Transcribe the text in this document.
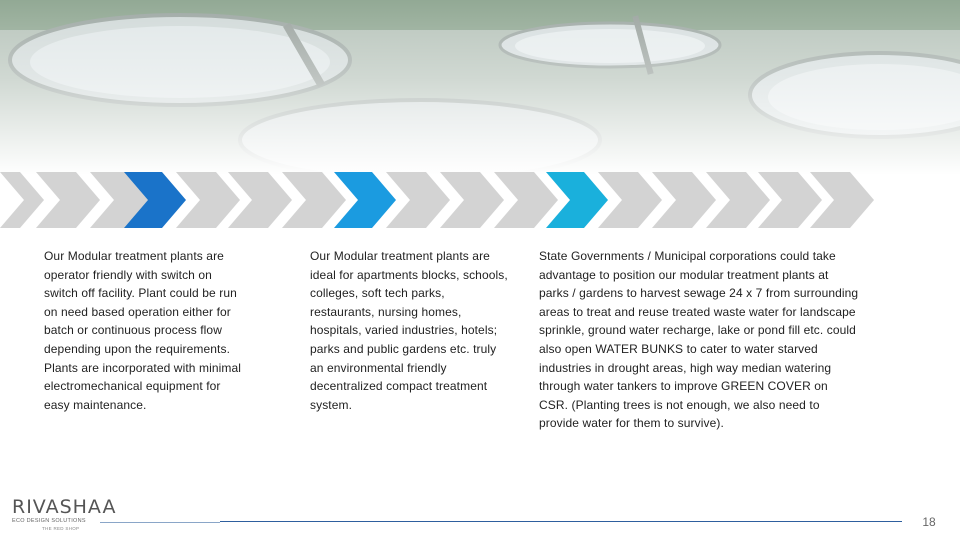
Our Modular treatment plants are operator friendly with switch on switch off facility. Plant could be run on need based operation either for batch or continuous process flow depending upon the requirements. Plants are incorporated with minimal electromechanical equipment for easy maintenance.
Our Modular treatment plants are ideal for apartments blocks, schools, colleges, soft tech parks, restaurants, nursing homes, hospitals, varied industries, hotels; parks and public gardens etc. truly an environmental friendly decentralized compact treatment system.
State Governments / Municipal corporations could take advantage to position our modular treatment plants at parks / gardens to harvest sewage 24 x 7 from surrounding areas to treat and reuse treated waste water for landscape sprinkle, ground water recharge, lake or pond fill etc. could also open WATER BUNKS to cater to water starved industries in drought areas, high way median watering through water tankers to improve GREEN COVER on CSR. (Planting trees is not enough, we also need to provide water for them to survive).
RIVASHAA
ECO DESIGN SOLUTIONS
THE RED SHOP	18
